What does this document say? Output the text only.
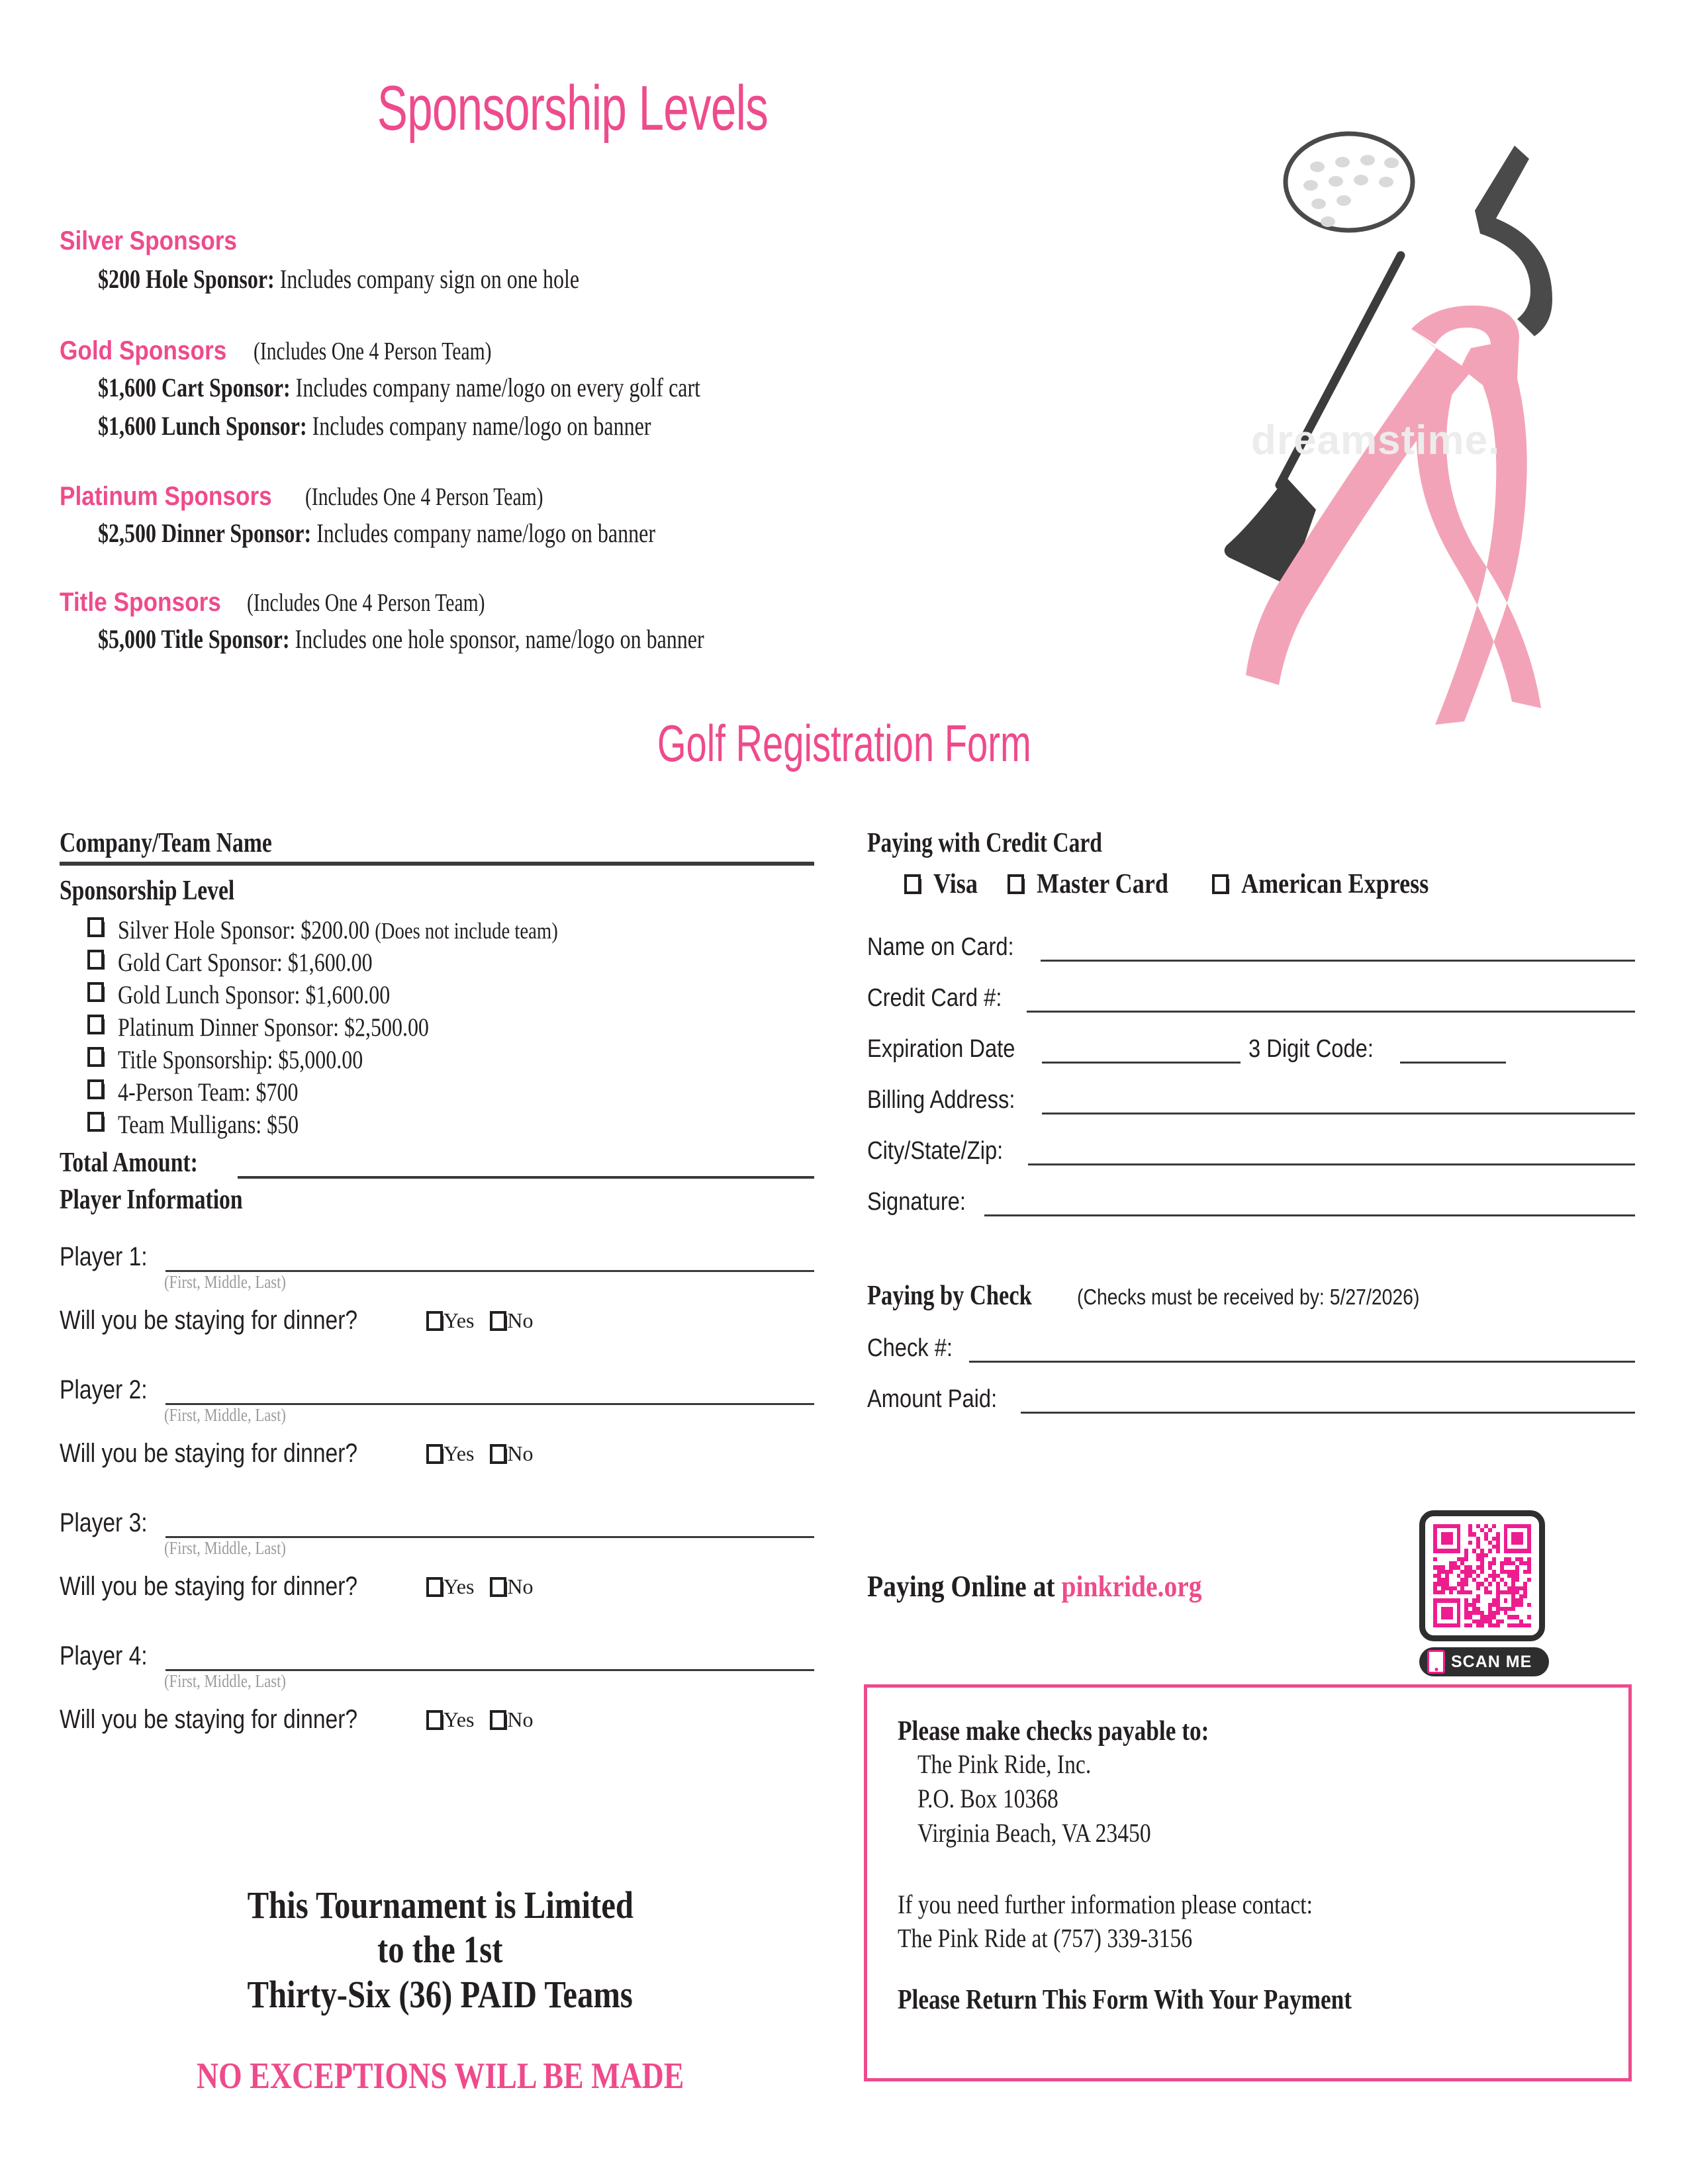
Sponsorship Levels
dreamstime.
Silver Sponsors
$200 Hole Sponsor: Includes company sign on one hole
Gold Sponsors (Includes One 4 Person Team)
$1,600 Cart Sponsor: Includes company name/logo on every golf cart
$1,600 Lunch Sponsor: Includes company name/logo on banner
Platinum Sponsors (Includes One 4 Person Team)
$2,500 Dinner Sponsor: Includes company name/logo on banner
Title Sponsors (Includes One 4 Person Team)
$5,000 Title Sponsor: Includes one hole sponsor, name/logo on banner
Golf Registration Form
Company/Team Name
Sponsorship Level
Silver Hole Sponsor: $200.00 (Does not include team)
Gold Cart Sponsor: $1,600.00
Gold Lunch Sponsor: $1,600.00
Platinum Dinner Sponsor: $2,500.00
Title Sponsorship: $5,000.00
4-Person Team: $700
Team Mulligans: $50
Total Amount:
Player Information
Player 1:
(First, Middle, Last)
Will you be staying for dinner?	Yes No
Player 2:
(First, Middle, Last)
Will you be staying for dinner?	Yes No
Player 3:
(First, Middle, Last)
Will you be staying for dinner?	Yes No
Player 4:
(First, Middle, Last)
Will you be staying for dinner?	Yes No
This Tournament is Limited
to the 1st
Thirty-Six (36) PAID Teams
NO EXCEPTIONS WILL BE MADE
Paying with Credit Card
Visa Master Card	American Express
Name on Card:
Credit Card #:
Expiration Date	3 Digit Code:
Billing Address:
City/State/Zip:
Signature:
Paying by Check (Checks must be received by: 5/27/2026)
Check #:
Amount Paid:
Paying Online at pinkride.org
SCAN ME
Please make checks payable to:
The Pink Ride, Inc.
P.O. Box 10368
Virginia Beach, VA 23450
If you need further information please contact:
The Pink Ride at (757) 339-3156
Please Return This Form With Your Payment
